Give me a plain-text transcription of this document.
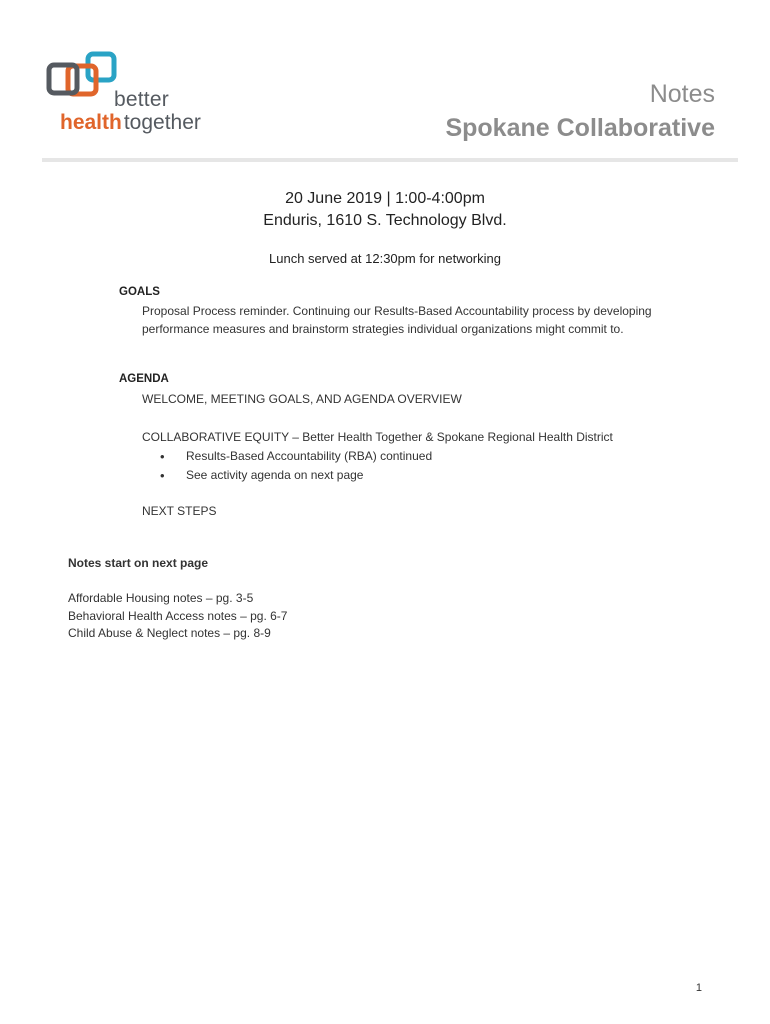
better
healthtogether
Notes
Spokane Collaborative
20 June 2019 | 1:00-4:00pm
Enduris, 1610 S. Technology Blvd.
Lunch served at 12:30pm for networking
GOALS
Proposal Process reminder. Continuing our Results-Based Accountability process by developing
performance measures and brainstorm strategies individual organizations might commit to.
AGENDA
WELCOME, MEETING GOALS, AND AGENDA OVERVIEW
COLLABORATIVE EQUITY – Better Health Together & Spokane Regional Health District
• Results-Based Accountability (RBA) continued
• See activity agenda on next page
NEXT STEPS
Notes start on next page
Affordable Housing notes – pg. 3-5
Behavioral Health Access notes – pg. 6-7
Child Abuse & Neglect notes – pg. 8-9
1
